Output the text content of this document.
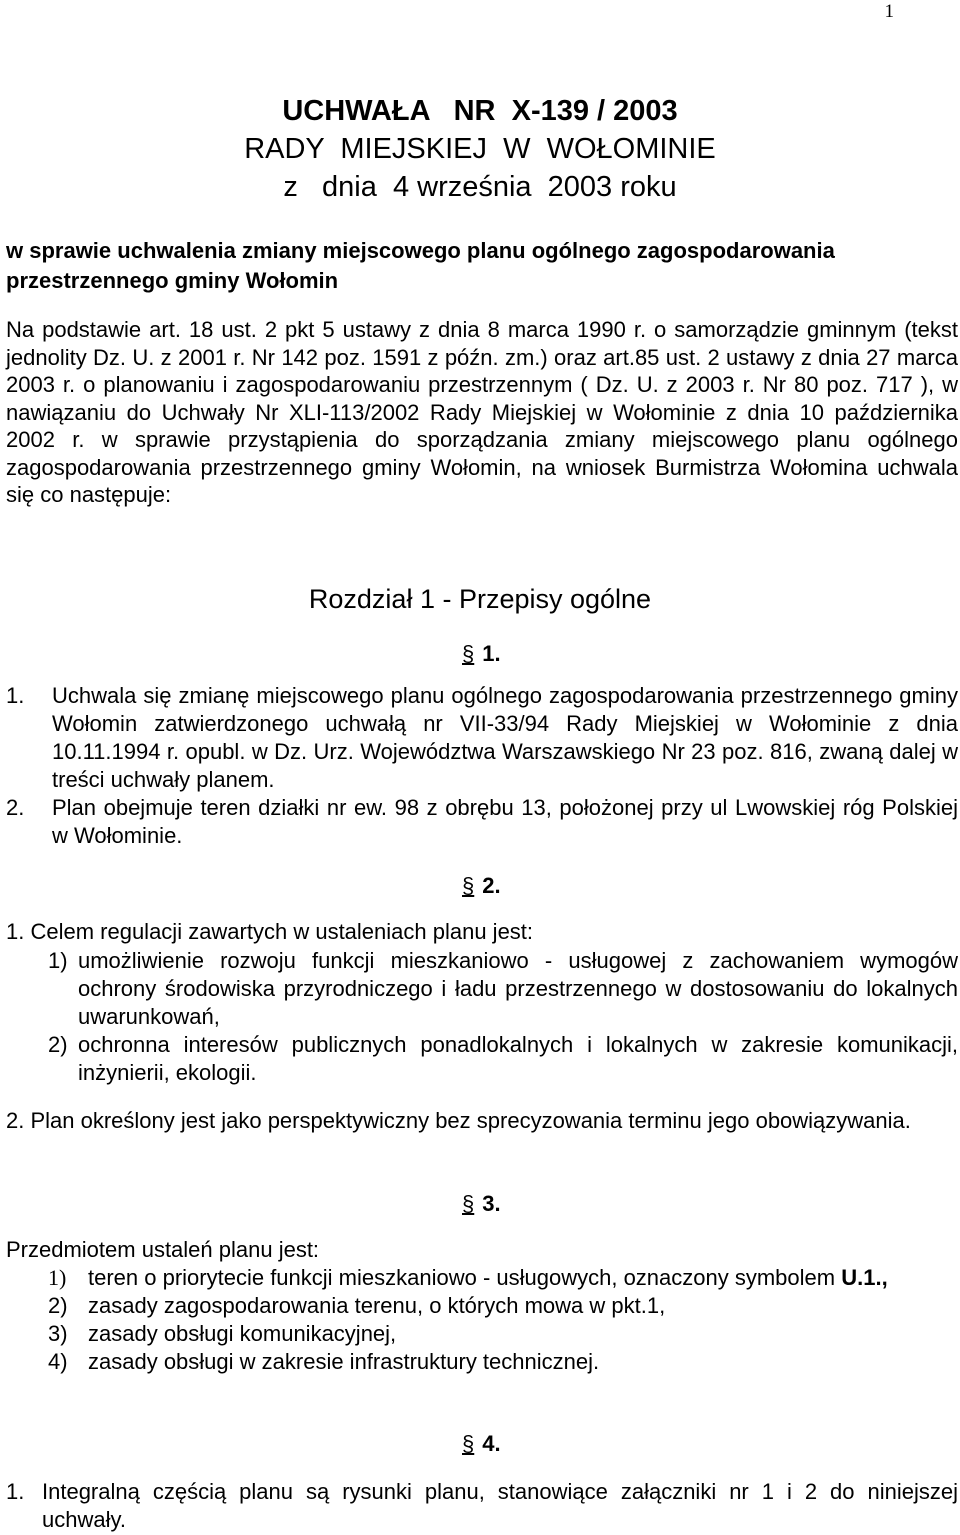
1
UCHWAŁA   NR  X-139 / 2003
RADY  MIEJSKIEJ  W  WOŁOMINIE
z   dnia  4 września  2003 roku
w sprawie uchwalenia zmiany miejscowego planu ogólnego zagospodarowania przestrzennego gminy Wołomin
Na podstawie art. 18 ust. 2 pkt 5 ustawy z dnia 8 marca 1990 r. o samorządzie gminnym (tekst jednolity Dz. U. z 2001 r. Nr 142 poz. 1591 z późn. zm.) oraz art.85 ust. 2 ustawy z dnia 27 marca 2003 r. o planowaniu i zagospodarowaniu przestrzennym ( Dz. U. z 2003 r. Nr 80 poz. 717 ), w nawiązaniu do Uchwały Nr XLI-113/2002 Rady Miejskiej w Wołominie z dnia 10 października 2002 r. w sprawie przystąpienia do sporządzania zmiany miejscowego planu ogólnego zagospodarowania przestrzennego gminy Wołomin, na wniosek Burmistrza Wołomina uchwala się co następuje:
Rozdział 1 - Przepisy ogólne
§ 1.
1. Uchwala się zmianę miejscowego planu ogólnego zagospodarowania przestrzennego gminy Wołomin zatwierdzonego uchwałą nr VII-33/94 Rady Miejskiej w Wołominie z dnia 10.11.1994 r. opubl. w Dz. Urz. Województwa Warszawskiego Nr 23 poz. 816, zwaną dalej w treści uchwały planem.
2. Plan obejmuje teren działki nr ew. 98 z obrębu 13, położonej przy ul Lwowskiej róg Polskiej w Wołominie.
§ 2.
1. Celem regulacji zawartych w ustaleniach planu jest:
1) umożliwienie rozwoju funkcji mieszkaniowo - usługowej z zachowaniem wymogów ochrony środowiska przyrodniczego i ładu przestrzennego w dostosowaniu do lokalnych uwarunkowań,
2) ochronna interesów publicznych ponadlokalnych i lokalnych w zakresie komunikacji, inżynierii, ekologii.
2. Plan określony jest jako perspektywiczny bez sprecyzowania terminu jego obowiązywania.
§ 3.
Przedmiotem ustaleń planu jest:
1) teren o priorytecie funkcji mieszkaniowo - usługowych, oznaczony symbolem U.1.,
2) zasady zagospodarowania terenu, o których mowa w pkt.1,
3) zasady obsługi komunikacyjnej,
4) zasady obsługi w zakresie infrastruktury technicznej.
§ 4.
1. Integralną częścią planu są rysunki planu, stanowiące załączniki nr 1 i 2 do niniejszej uchwały.
